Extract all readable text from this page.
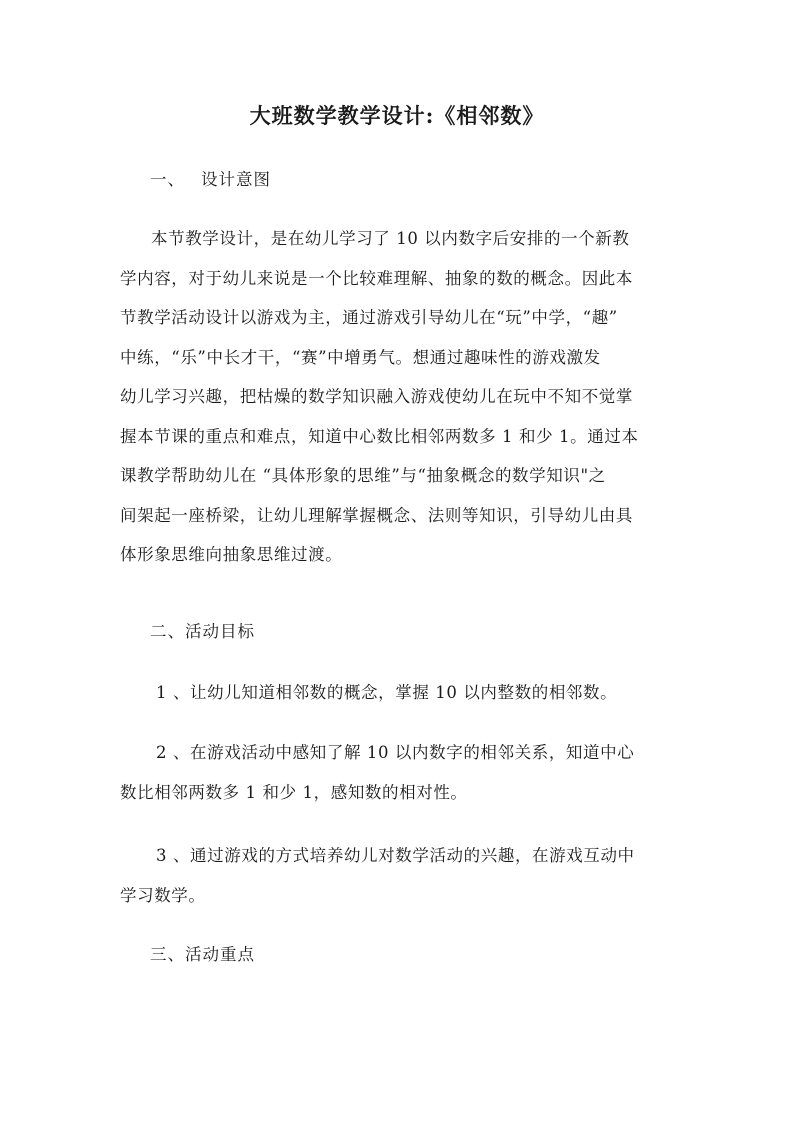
大班数学教学设计:《相邻数》
一、 设计意图
本节教学设计，是在幼儿学习了 10 以内数字后安排的一个新教
学内容，对于幼儿来说是一个比较难理解、抽象的数的概念。因此本
节教学活动设计以游戏为主，通过游戏引导幼儿在“玩”中学，“趣”
中练，“乐”中长才干，“赛”中增勇气。想通过趣味性的游戏激发
幼儿学习兴趣，把枯燥的数学知识融入游戏使幼儿在玩中不知不觉掌
握本节课的重点和难点，知道中心数比相邻两数多 1 和少 1。通过本
课教学帮助幼儿在 “具体形象的思维”与“抽象概念的数学知识"之
间架起一座桥梁，让幼儿理解掌握概念、法则等知识，引导幼儿由具
体形象思维向抽象思维过渡。
二、活动目标
1 、让幼儿知道相邻数的概念，掌握 10 以内整数的相邻数。
2 、在游戏活动中感知了解 10 以内数字的相邻关系，知道中心
数比相邻两数多 1 和少 1，感知数的相对性。
3 、通过游戏的方式培养幼儿对数学活动的兴趣，在游戏互动中
学习数学。
三、活动重点
